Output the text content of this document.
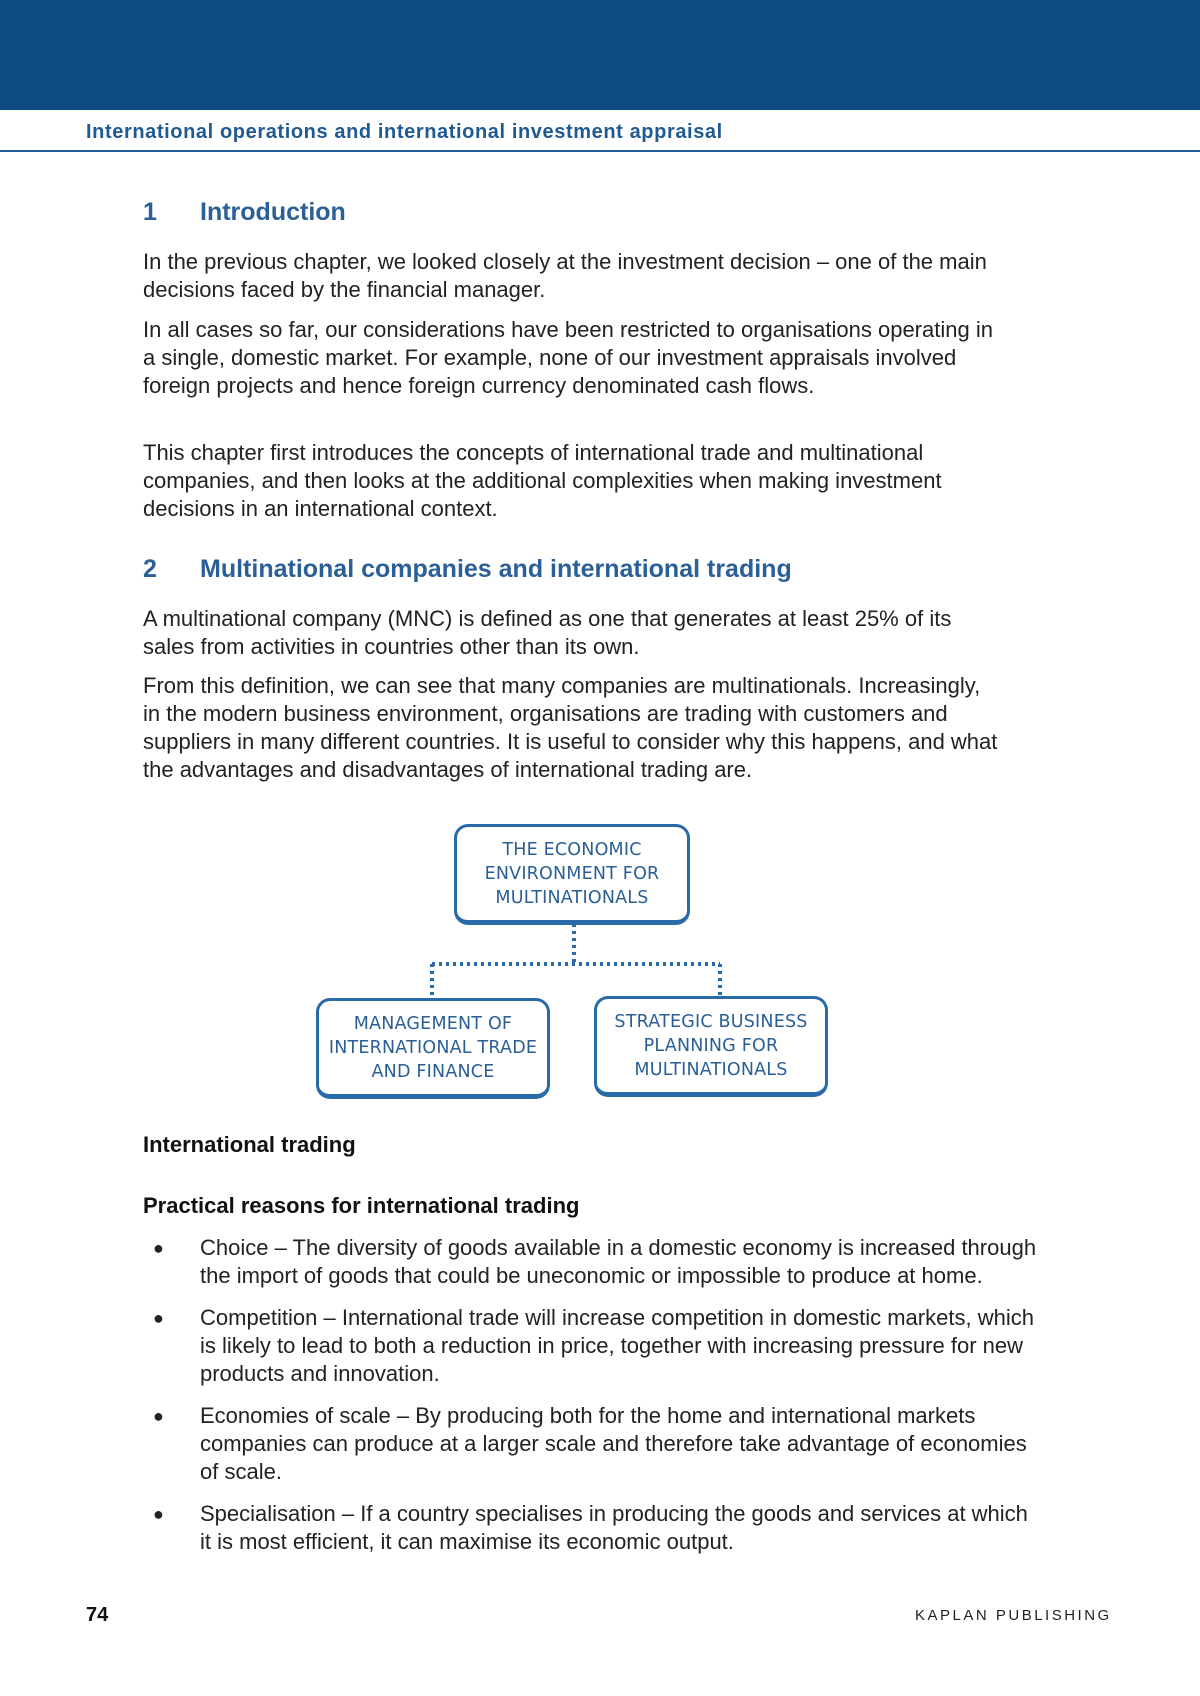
International operations and international investment appraisal
1 Introduction

In the previous chapter, we looked closely at the investment decision – one of the main decisions faced by the financial manager.

In all cases so far, our considerations have been restricted to organisations operating in a single, domestic market. For example, none of our investment appraisals involved foreign projects and hence foreign currency denominated cash flows.

This chapter first introduces the concepts of international trade and multinational companies, and then looks at the additional complexities when making investment decisions in an international context.

2 Multinational companies and international trading

A multinational company (MNC) is defined as one that generates at least 25% of its sales from activities in countries other than its own.

From this definition, we can see that many companies are multinationals. Increasingly, in the modern business environment, organisations are trading with customers and suppliers in many different countries. It is useful to consider why this happens, and what the advantages and disadvantages of international trading are.

THE ECONOMIC ENVIRONMENT FOR MULTINATIONALS
MANAGEMENT OF INTERNATIONAL TRADE AND FINANCE
STRATEGIC BUSINESS PLANNING FOR MULTINATIONALS
International trading
Practical reasons for international trading
● Choice – The diversity of goods available in a domestic economy is increased through the import of goods that could be uneconomic or impossible to produce at home.
● Competition – International trade will increase competition in domestic markets, which is likely to lead to both a reduction in price, together with increasing pressure for new products and innovation.
● Economies of scale – By producing both for the home and international markets companies can produce at a larger scale and therefore take advantage of economies of scale.
● Specialisation – If a country specialises in producing the goods and services at which it is most efficient, it can maximise its economic output.
74	KAPLAN PUBLISHING
